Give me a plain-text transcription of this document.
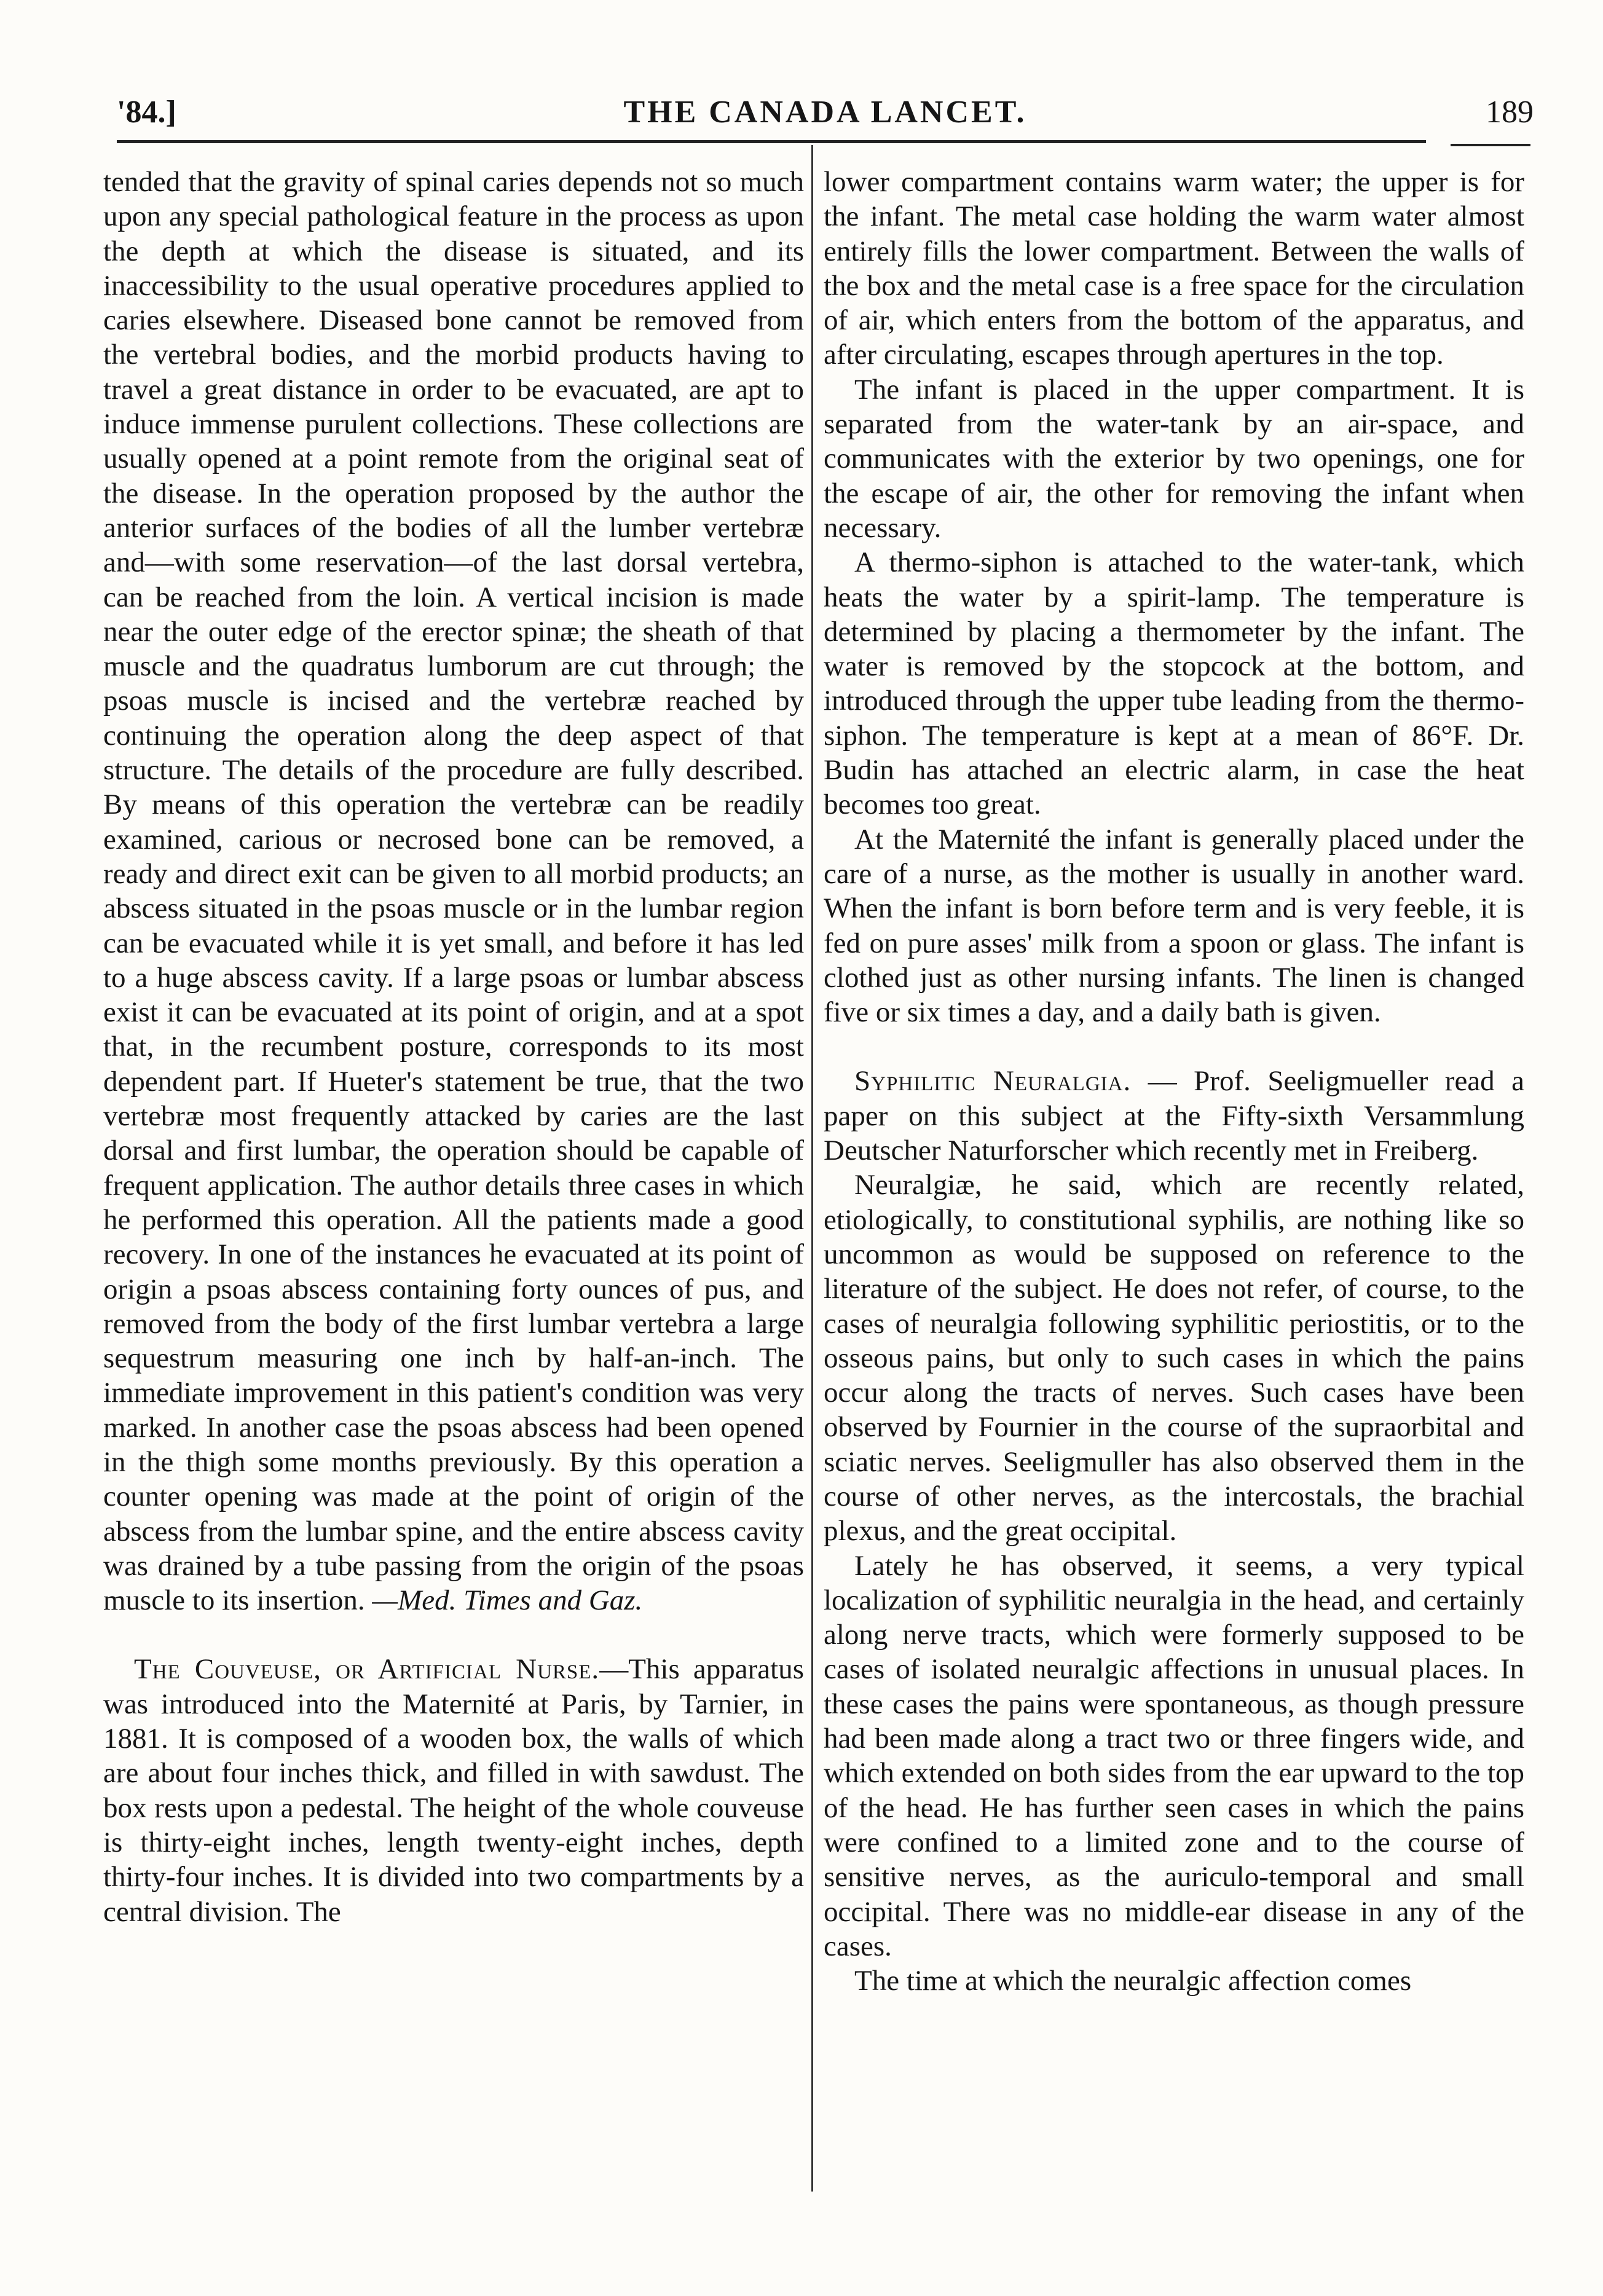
'84.]	THE CANADA LANCET.	189

tended that the gravity of spinal caries depends not so much upon any special pathological feature in the process as upon the depth at which the disease is situated, and its inaccessibility to the usual operative procedures applied to caries elsewhere. Diseased bone cannot be removed from the vertebral bodies, and the morbid products having to travel a great distance in order to be evacuated, are apt to induce immense purulent collections. These collections are usually opened at a point remote from the original seat of the disease. In the operation proposed by the author the anterior surfaces of the bodies of all the lumber vertebræ and—with some reservation—of the last dorsal vertebra, can be reached from the loin. A vertical incision is made near the outer edge of the erector spinæ; the sheath of that muscle and the quadratus lumborum are cut through; the psoas muscle is incised and the vertebræ reached by continuing the operation along the deep aspect of that structure. The details of the procedure are fully described. By means of this operation the vertebræ can be readily examined, carious or necrosed bone can be removed, a ready and direct exit can be given to all morbid products; an abscess situated in the psoas muscle or in the lumbar region can be evacuated while it is yet small, and before it has led to a huge abscess cavity. If a large psoas or lumbar abscess exist it can be evacuated at its point of origin, and at a spot that, in the recumbent posture, corresponds to its most dependent part. If Hueter's statement be true, that the two vertebræ most frequently attacked by caries are the last dorsal and first lumbar, the operation should be capable of frequent application. The author details three cases in which he performed this operation. All the patients made a good recovery. In one of the instances he evacuated at its point of origin a psoas abscess containing forty ounces of pus, and removed from the body of the first lumbar vertebra a large sequestrum measuring one inch by half-an-inch. The immediate improvement in this patient's condition was very marked. In another case the psoas abscess had been opened in the thigh some months previously. By this operation a counter opening was made at the point of origin of the abscess from the lumbar spine, and the entire abscess cavity was drained by a tube passing from the origin of the psoas muscle to its insertion. —Med. Times and Gaz.

The Couveuse, or Artificial Nurse.—This apparatus was introduced into the Maternité at Paris, by Tarnier, in 1881. It is composed of a wooden box, the walls of which are about four inches thick, and filled in with sawdust. The box rests upon a pedestal. The height of the whole couveuse is thirty-eight inches, length twenty-eight inches, depth thirty-four inches. It is divided into two compartments by a central division. The

lower compartment contains warm water; the upper is for the infant. The metal case holding the warm water almost entirely fills the lower compartment. Between the walls of the box and the metal case is a free space for the circulation of air, which enters from the bottom of the apparatus, and after circulating, escapes through apertures in the top.

The infant is placed in the upper compartment. It is separated from the water-tank by an air-space, and communicates with the exterior by two openings, one for the escape of air, the other for removing the infant when necessary.

A thermo-siphon is attached to the water-tank, which heats the water by a spirit-lamp. The temperature is determined by placing a thermometer by the infant. The water is removed by the stopcock at the bottom, and introduced through the upper tube leading from the thermo-siphon. The temperature is kept at a mean of 86°F. Dr. Budin has attached an electric alarm, in case the heat becomes too great.

At the Maternité the infant is generally placed under the care of a nurse, as the mother is usually in another ward. When the infant is born before term and is very feeble, it is fed on pure asses' milk from a spoon or glass. The infant is clothed just as other nursing infants. The linen is changed five or six times a day, and a daily bath is given.

Syphilitic Neuralgia. — Prof. Seeligmueller read a paper on this subject at the Fifty-sixth Versammlung Deutscher Naturforscher which recently met in Freiberg.

Neuralgiæ, he said, which are recently related, etiologically, to constitutional syphilis, are nothing like so uncommon as would be supposed on reference to the literature of the subject. He does not refer, of course, to the cases of neuralgia following syphilitic periostitis, or to the osseous pains, but only to such cases in which the pains occur along the tracts of nerves. Such cases have been observed by Fournier in the course of the supraorbital and sciatic nerves. Seeligmuller has also observed them in the course of other nerves, as the intercostals, the brachial plexus, and the great occipital.

Lately he has observed, it seems, a very typical localization of syphilitic neuralgia in the head, and certainly along nerve tracts, which were formerly supposed to be cases of isolated neuralgic affections in unusual places. In these cases the pains were spontaneous, as though pressure had been made along a tract two or three fingers wide, and which extended on both sides from the ear upward to the top of the head. He has further seen cases in which the pains were confined to a limited zone and to the course of sensitive nerves, as the auriculo-temporal and small occipital. There was no middle-ear disease in any of the cases.

The time at which the neuralgic affection comes
